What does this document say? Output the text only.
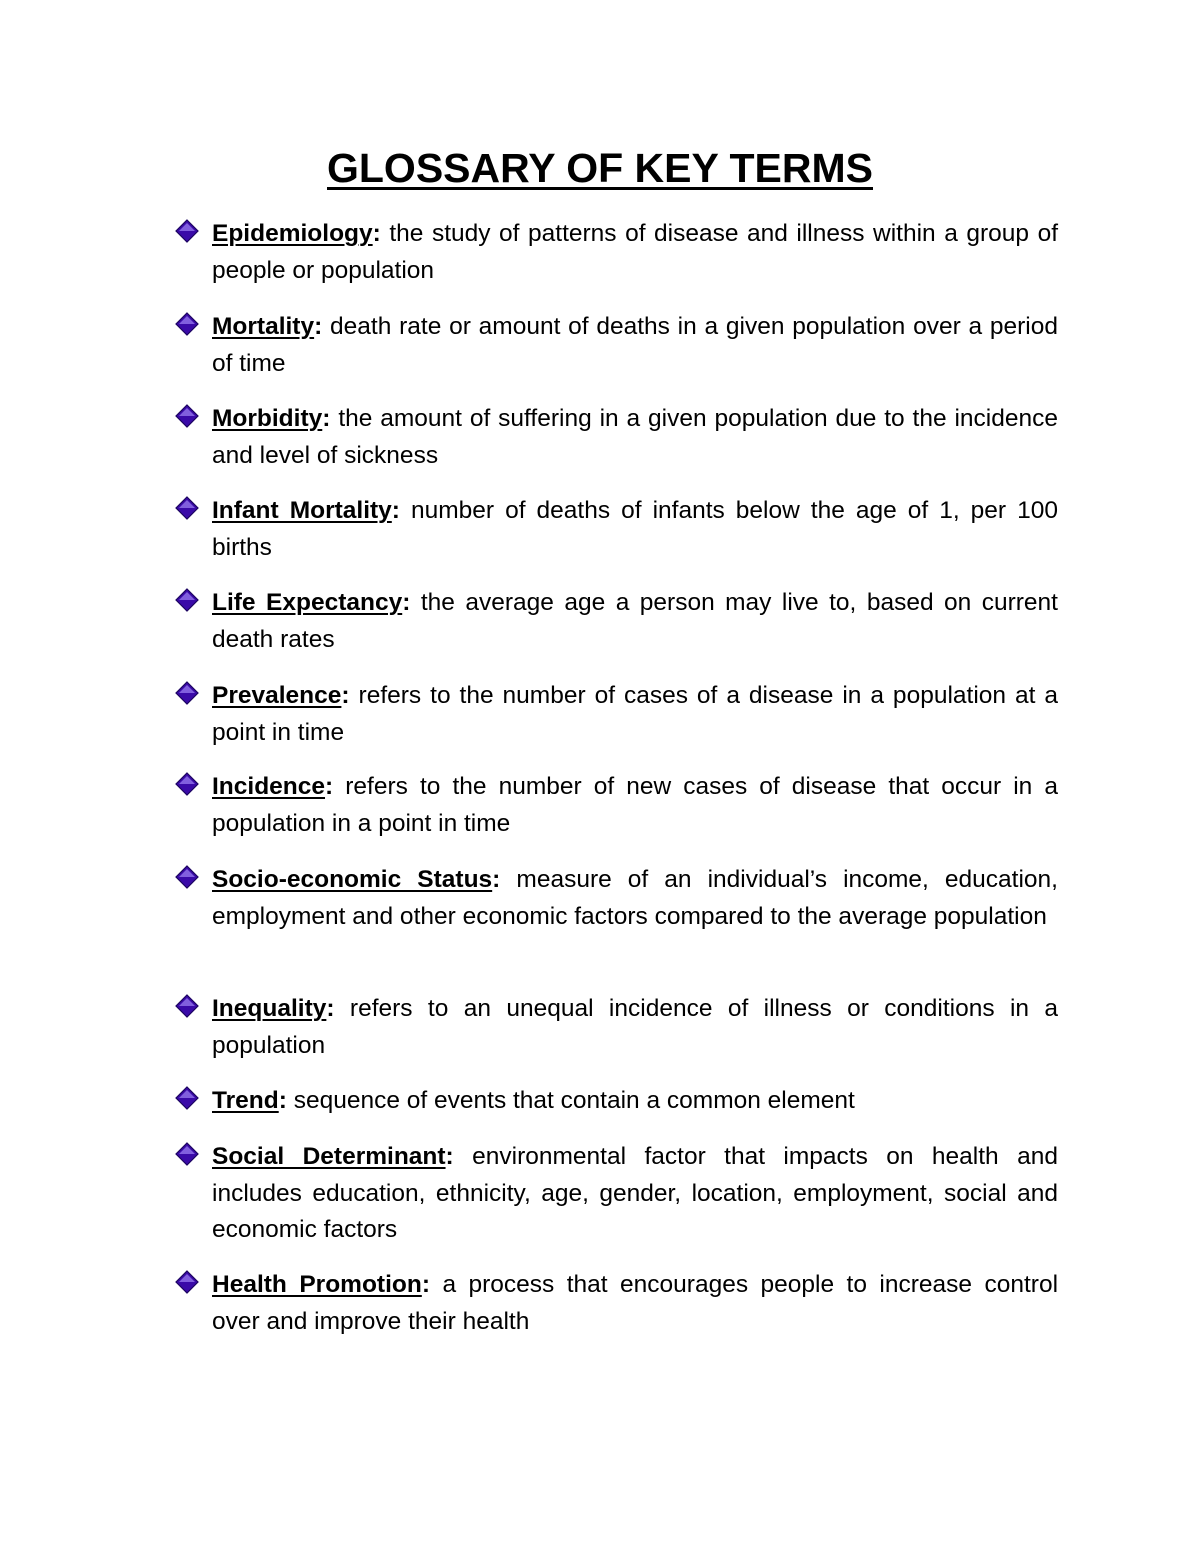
GLOSSARY OF KEY TERMS
Epidemiology: the study of patterns of disease and illness within a group of people or population
Mortality: death rate or amount of deaths in a given population over a period of time
Morbidity: the amount of suffering in a given population due to the incidence and level of sickness
Infant Mortality: number of deaths of infants below the age of 1, per 100 births
Life Expectancy: the average age a person may live to, based on current death rates
Prevalence: refers to the number of cases of a disease in a population at a point in time
Incidence: refers to the number of new cases of disease that occur in a population in a point in time
Socio-economic Status: measure of an individual’s income, education, employment and other economic factors compared to the average population
Inequality: refers to an unequal incidence of illness or conditions in a population
Trend: sequence of events that contain a common element
Social Determinant: environmental factor that impacts on health and includes education, ethnicity, age, gender, location, employment, social and economic factors
Health Promotion: a process that encourages people to increase control over and improve their health
